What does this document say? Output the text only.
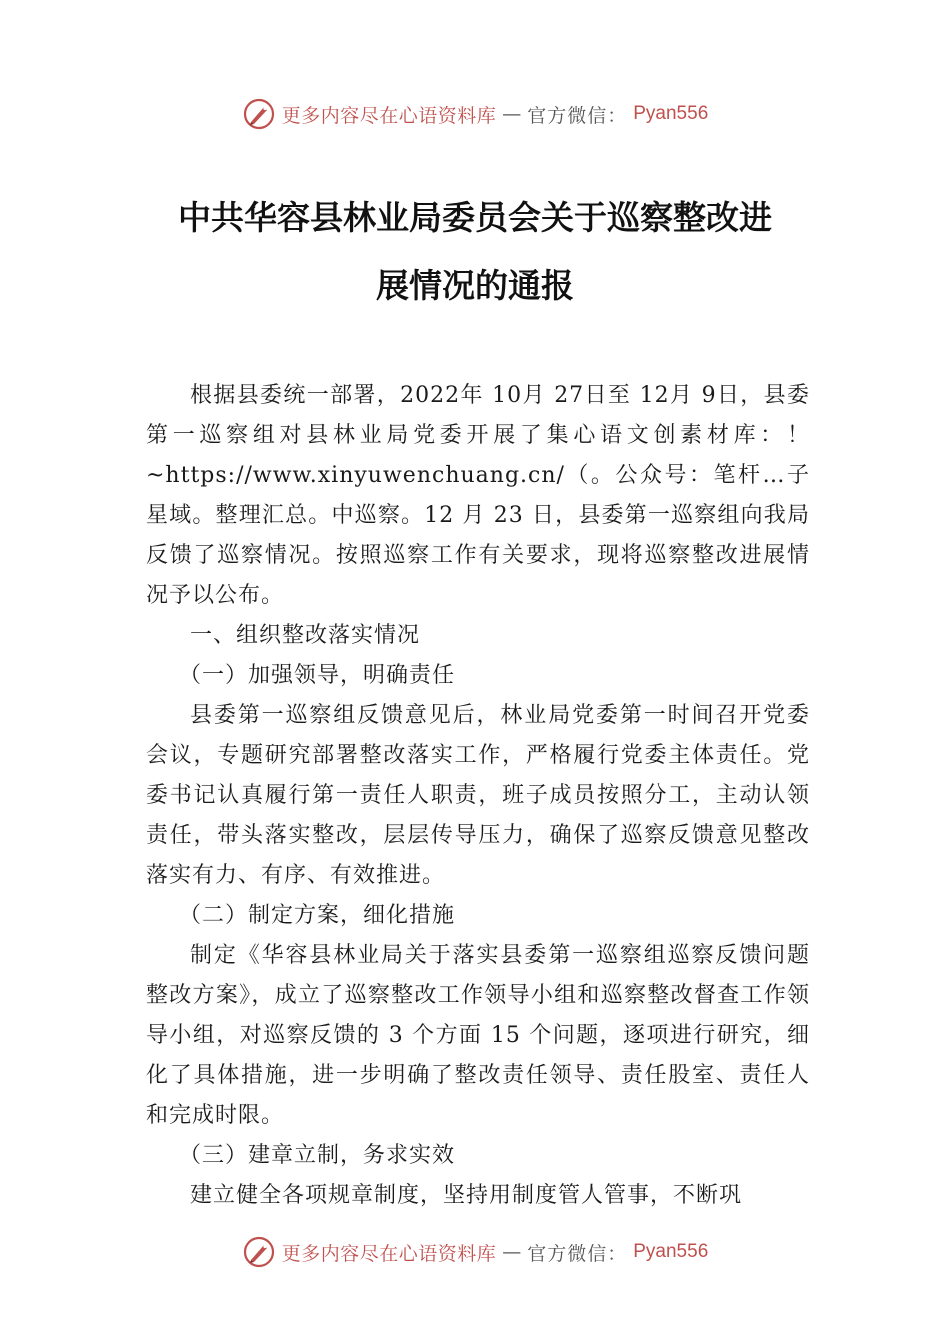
更多内容尽在心语资料库 — 官方微信： Pyan556
中共华容县林业局委员会关于巡察整改进
展情况的通报

根据县委统一部署，2022年 10月 27日至 12月 9日，县委第一巡察组对县林业局党委开展了集心语文创素材库：！~https://www.xinyuwenchuang.cn/（。公众号：笔杆…子星域。整理汇总。中巡察。12 月 23 日，县委第一巡察组向我局反馈了巡察情况。按照巡察工作有关要求，现将巡察整改进展情况予以公布。

一、组织整改落实情况

（一）加强领导，明确责任

县委第一巡察组反馈意见后，林业局党委第一时间召开党委会议，专题研究部署整改落实工作，严格履行党委主体责任。党委书记认真履行第一责任人职责，班子成员按照分工，主动认领责任，带头落实整改，层层传导压力，确保了巡察反馈意见整改落实有力、有序、有效推进。

（二）制定方案，细化措施

制定《华容县林业局关于落实县委第一巡察组巡察反馈问题整改方案》，成立了巡察整改工作领导小组和巡察整改督查工作领导小组，对巡察反馈的 3 个方面 15 个问题，逐项进行研究，细化了具体措施，进一步明确了整改责任领导、责任股室、责任人和完成时限。

（三）建章立制，务求实效

建立健全各项规章制度，坚持用制度管人管事，不断巩

更多内容尽在心语资料库 — 官方微信： Pyan556
